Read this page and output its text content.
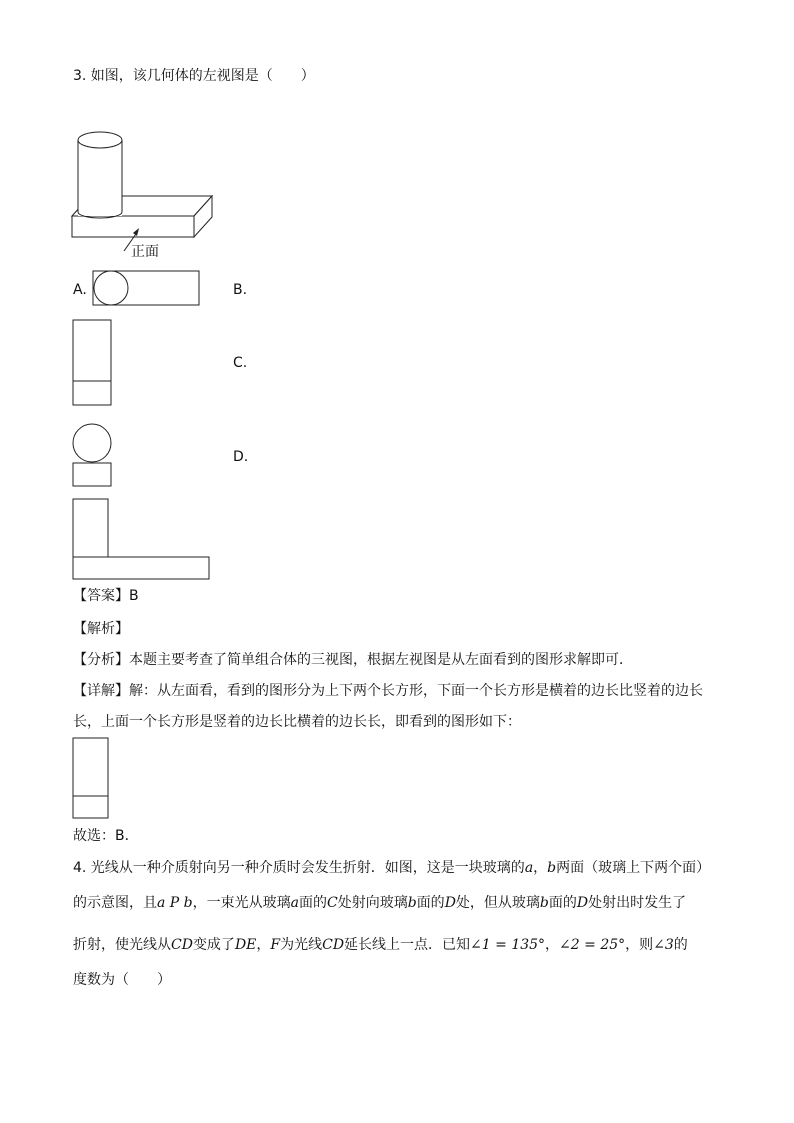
3. 如图，该几何体的左视图是（　　）
正面
A.	B.
C.
D.
【答案】B
【解析】
【分析】本题主要考查了简单组合体的三视图，根据左视图是从左面看到的图形求解即可．
【详解】解：从左面看，看到的图形分为上下两个长方形，下面一个长方形是横着的边长比竖着的边长
长，上面一个长方形是竖着的边长比横着的边长长，即看到的图形如下：
故选：B．
4. 光线从一种介质射向另一种介质时会发生折射．如图，这是一块玻璃的a，b两面（玻璃上下两个面）
的示意图，且a P b，一束光从玻璃a面的C处射向玻璃b面的D处，但从玻璃b面的D处射出时发生了
折射，使光线从CD变成了DE，F为光线CD延长线上一点．已知∠1 = 135°，∠2 = 25°，则∠3的
度数为（　　）
